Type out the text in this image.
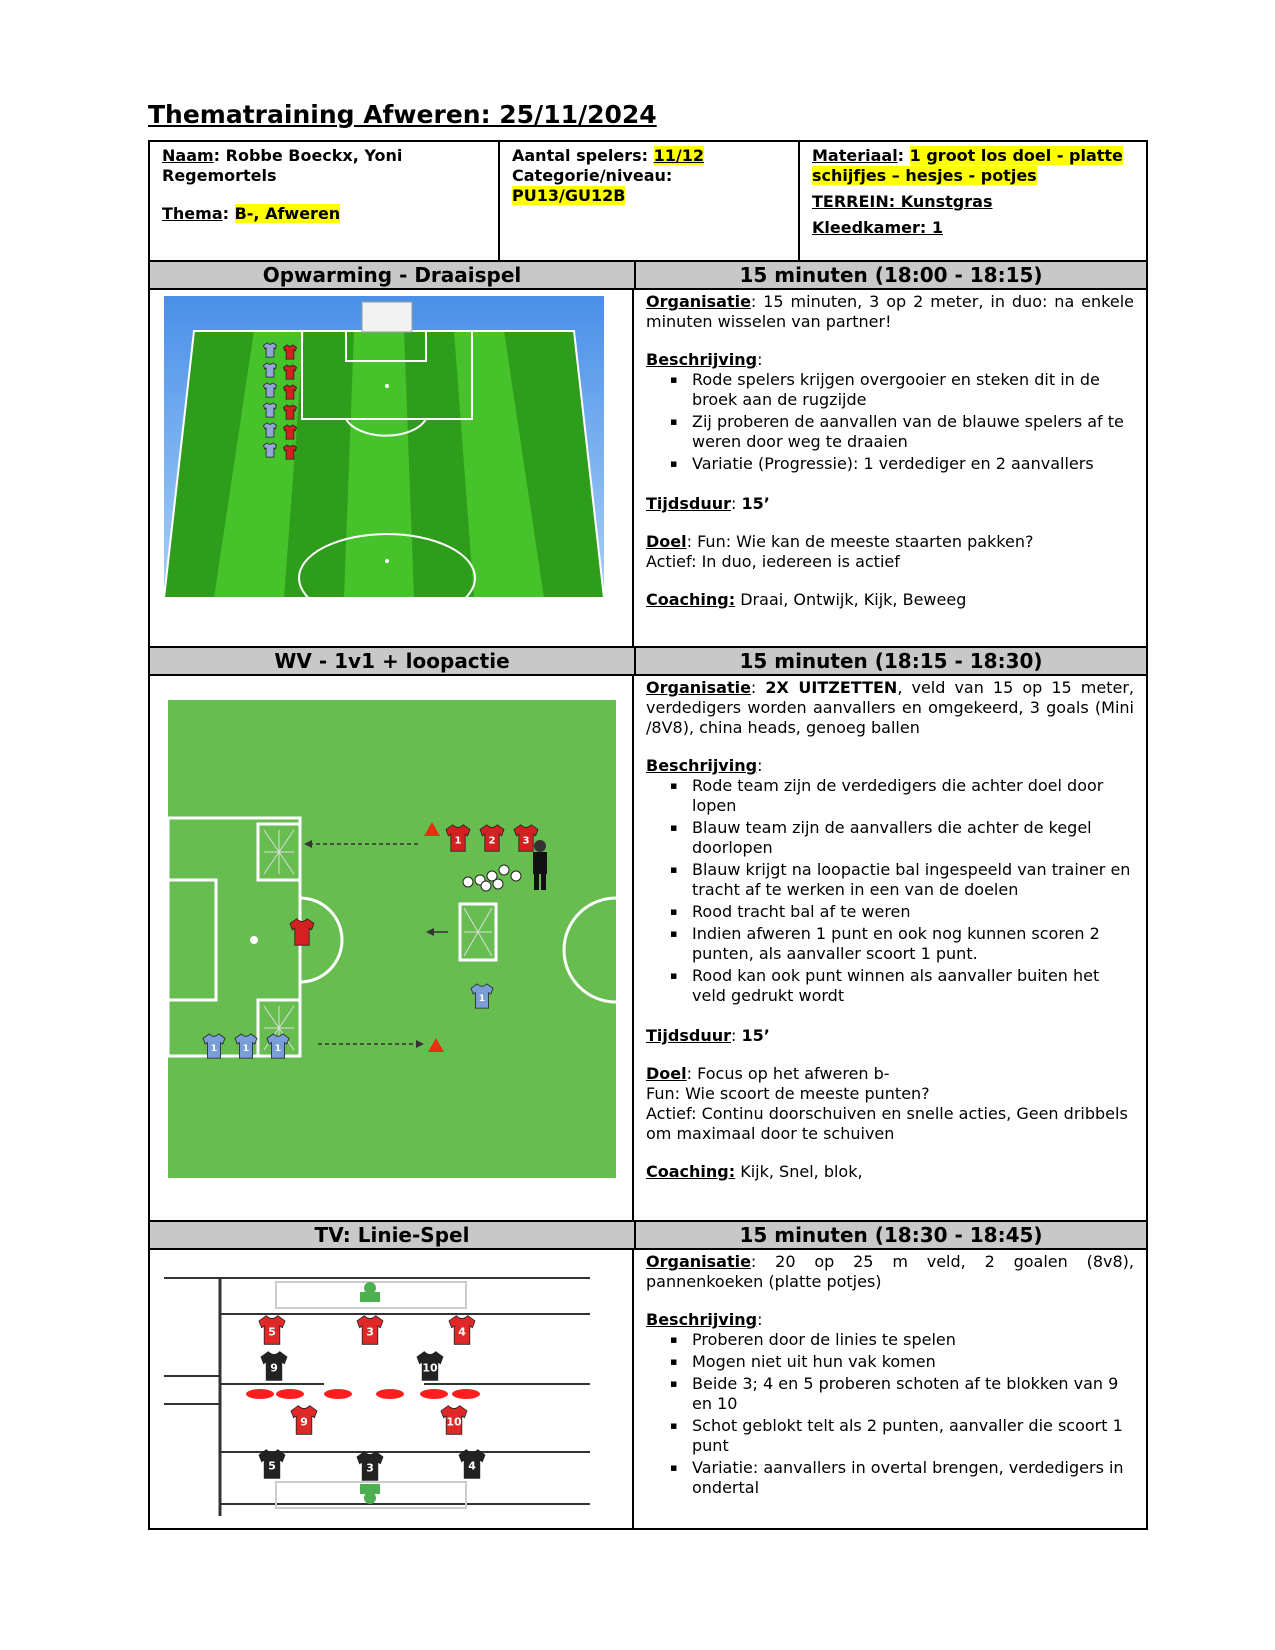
Thematraining Afweren: 25/11/2024
Naam: Robbe Boeckx, Yoni Regemortels
Thema: B-, Afweren
Aantal spelers: 11/12
Categorie/niveau:
PU13/GU12B
Materiaal: 1 groot los doel - platte schijfjes – hesjes - potjes
TERREIN: Kunstgras
Kleedkamer: 1
Opwarming - Draaispel	15 minuten (18:00 - 18:15)
Organisatie: 15 minuten, 3 op 2 meter, in duo: na enkele minuten wisselen van partner!
Beschrijving:
▪ Rode spelers krijgen overgooier en steken dit in de broek aan de rugzijde
▪ Zij proberen de aanvallen van de blauwe spelers af te weren door weg te draaien
▪ Variatie (Progressie): 1 verdediger en 2 aanvallers
Tijdsduur: 15’
Doel: Fun: Wie kan de meeste staarten pakken?
Actief: In duo, iedereen is actief
Coaching: Draai, Ontwijk, Kijk, Beweeg
WV - 1v1 + loopactie	15 minuten (18:15 - 18:30)
1	2	3
1
1	1	1
Organisatie: 2X UITZETTEN, veld van 15 op 15 meter, verdedigers worden aanvallers en omgekeerd, 3 goals (Mini /8V8), china heads, genoeg ballen
Beschrijving:
▪ Rode team zijn de verdedigers die achter doel door lopen
▪ Blauw team zijn de aanvallers die achter de kegel doorlopen
▪ Blauw krijgt na loopactie bal ingespeeld van trainer en tracht af te werken in een van de doelen
▪ Rood tracht bal af te weren
▪ Indien afweren 1 punt en ook nog kunnen scoren 2 punten, als aanvaller scoort 1 punt.
▪ Rood kan ook punt winnen als aanvaller buiten het veld gedrukt wordt
Tijdsduur: 15’
Doel: Focus op het afweren b-
Fun: Wie scoort de meeste punten?
Actief: Continu doorschuiven en snelle acties, Geen dribbels om maximaal door te schuiven
Coaching: Kijk, Snel, blok,
TV: Linie-Spel	15 minuten (18:30 - 18:45)
5	3	4
9	10
9	10
5	3	4
Organisatie: 20 op 25 m veld, 2 goalen (8v8), pannenkoeken (platte potjes)
Beschrijving:
▪ Proberen door de linies te spelen
▪ Mogen niet uit hun vak komen
▪ Beide 3; 4 en 5 proberen schoten af te blokken van 9 en 10
▪ Schot geblokt telt als 2 punten, aanvaller die scoort 1 punt
▪ Variatie: aanvallers in overtal brengen, verdedigers in ondertal
